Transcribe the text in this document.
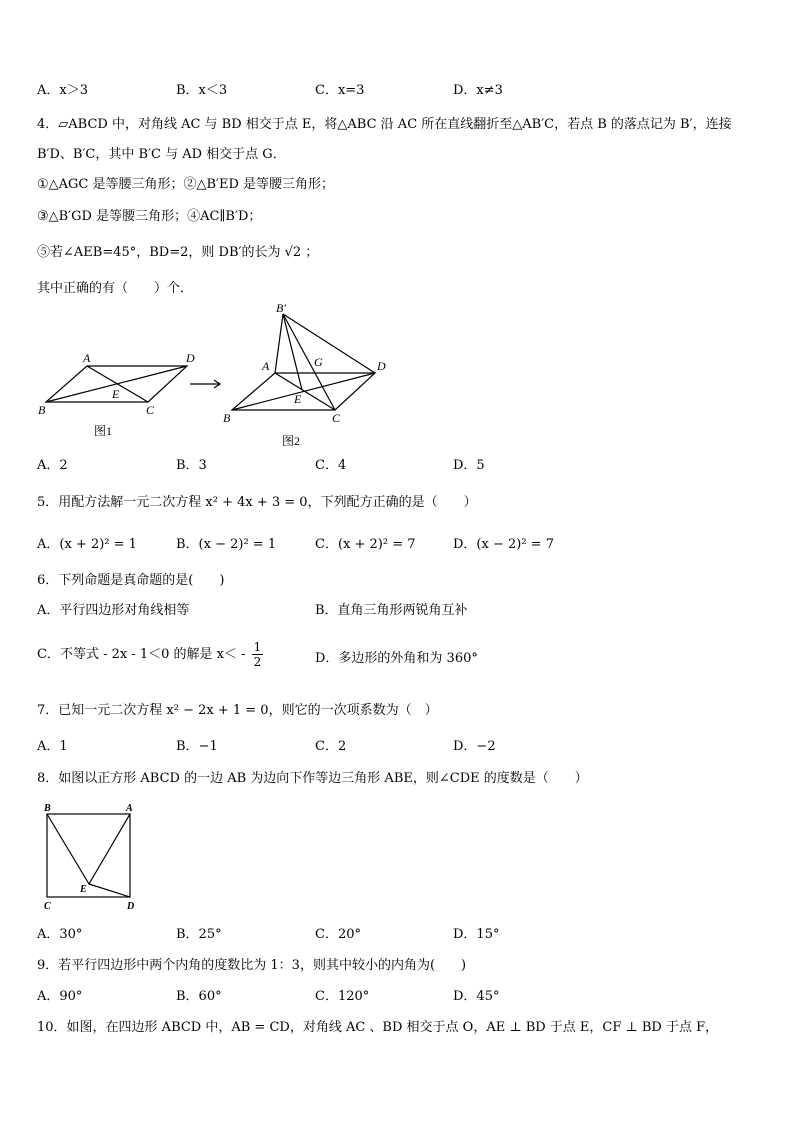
A．x＞3	B．x＜3	C．x=3	D．x≠3
4．▱ABCD 中，对角线 AC 与 BD 相交于点 E，将△ABC 沿 AC 所在直线翻折至△AB′C，若点 B 的落点记为 B′，连接
B′D、B′C，其中 B′C 与 AD 相交于点 G．
①△AGC 是等腰三角形；②△B′ED 是等腰三角形；
③△B′GD 是等腰三角形；④AC∥B′D；
⑤若∠AEB=45°，BD=2，则 DB′的长为 √2 ；
其中正确的有（　　）个．
A	D
B	C
E
图1
B′
A	G	D
E
B	C
图2
A．2	B．3	C．4	D．5
5．用配方法解一元二次方程 x² + 4x + 3 = 0，下列配方正确的是（　　）
A．(x + 2)² = 1	B．(x − 2)² = 1	C．(x + 2)² = 7	D．(x − 2)² = 7
6．下列命题是真命题的是(　　)
A．平行四边形对角线相等	B．直角三角形两锐角互补
C．不等式 - 2x - 1＜0 的解是 $x< - \frac{1}{2}$	D．多边形的外角和为 360°
7．已知一元二次方程 x² − 2x + 1 = 0，则它的一次项系数为（　）
A．1	B．−1	C．2	D．−2
8．如图以正方形 ABCD 的一边 AB 为边向下作等边三角形 ABE，则∠CDE 的度数是（　　）
B	A
C	D
E
A．30°	B．25°	C．20°	D．15°
9．若平行四边形中两个内角的度数比为 1：3，则其中较小的内角为(　　)
A．90°	B．60°	C．120°	D．45°
10．如图，在四边形 ABCD 中，AB = CD，对角线 AC 、BD 相交于点 O，AE ⊥ BD 于点 E，CF ⊥ BD 于点 F，
